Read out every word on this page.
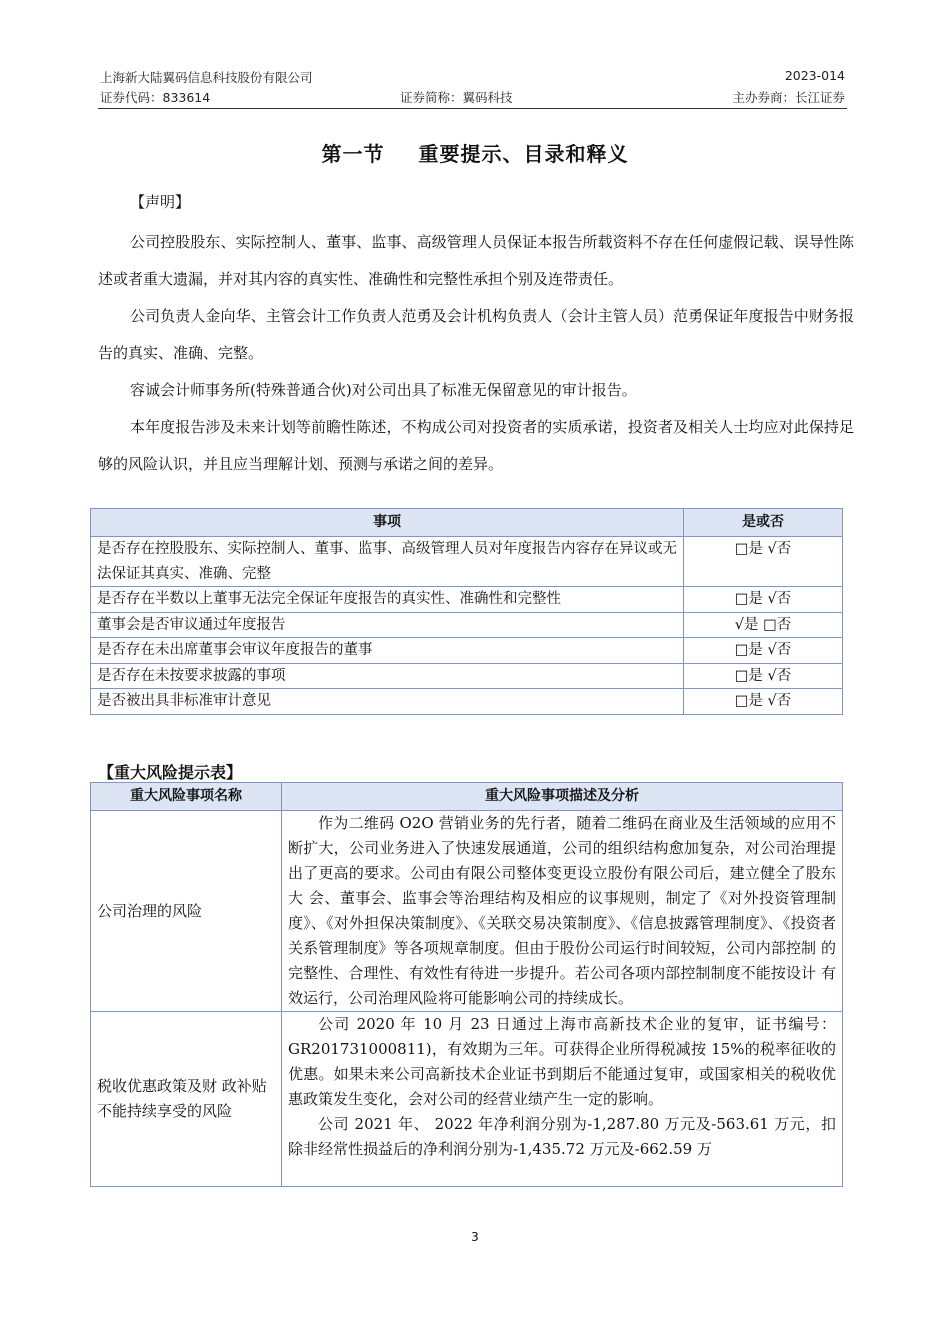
上海新大陆翼码信息科技股份有限公司	2023-014
证券代码：833614	证券简称：翼码科技	主办券商：长江证券
第一节 重要提示、目录和释义
【声明】

公司控股股东、实际控制人、董事、监事、高级管理人员保证本报告所载资料不存在任何虚假记载、误导性陈述或者重大遗漏，并对其内容的真实性、准确性和完整性承担个别及连带责任。

公司负责人金向华、主管会计工作负责人范勇及会计机构负责人（会计主管人员）范勇保证年度报告中财务报告的真实、准确、完整。

容诚会计师事务所(特殊普通合伙)对公司出具了标准无保留意见的审计报告。

本年度报告涉及未来计划等前瞻性陈述，不构成公司对投资者的实质承诺，投资者及相关人士均应对此保持足够的风险认识，并且应当理解计划、预测与承诺之间的差异。

事项	是或否
是否存在控股股东、实际控制人、董事、监事、高级管理人员对年度报告内容存在异议或无法保证其真实、准确、完整	□是 √否
是否存在半数以上董事无法完全保证年度报告的真实性、准确性和完整性	□是 √否
董事会是否审议通过年度报告	√是 □否
是否存在未出席董事会审议年度报告的董事	□是 √否
是否存在未按要求披露的事项	□是 √否
是否被出具非标准审计意见	□是 √否
【重大风险提示表】
重大风险事项名称	重大风险事项描述及分析
公司治理的风险	作为二维码 O2O 营销业务的先行者，随着二维码在商业及生活领域的应用不断扩大，公司业务进入了快速发展通道，公司的组织结构愈加复杂，对公司治理提出了更高的要求。公司由有限公司整体变更设立股份有限公司后，建立健全了股东大 会、董事会、监事会等治理结构及相应的议事规则，制定了《对外投资管理制度》、《对外担保决策制度》、《关联交易决策制度》、《信息披露管理制度》、《投资者关系管理制度》等各项规章制度。但由于股份公司运行时间较短，公司内部控制 的完整性、合理性、有效性有待进一步提升。若公司各项内部控制制度不能按设计 有效运行，公司治理风险将可能影响公司的持续成长。

税收优惠政策及财 政补贴不能持续享受的风险	公司 2020 年 10 月 23 日通过上海市高新技术企业的复审，证书编号：GR201731000811)，有效期为三年。可获得企业所得税减按 15%的税率征收的优惠。如果未来公司高新技术企业证书到期后不能通过复审，或国家相关的税收优惠政策发生变化，会对公司的经营业绩产生一定的影响。

公司 2021 年、 2022 年净利润分别为-1,287.80 万元及-563.61 万元，扣除非经常性损益后的净利润分别为-1,435.72 万元及-662.59 万

3
